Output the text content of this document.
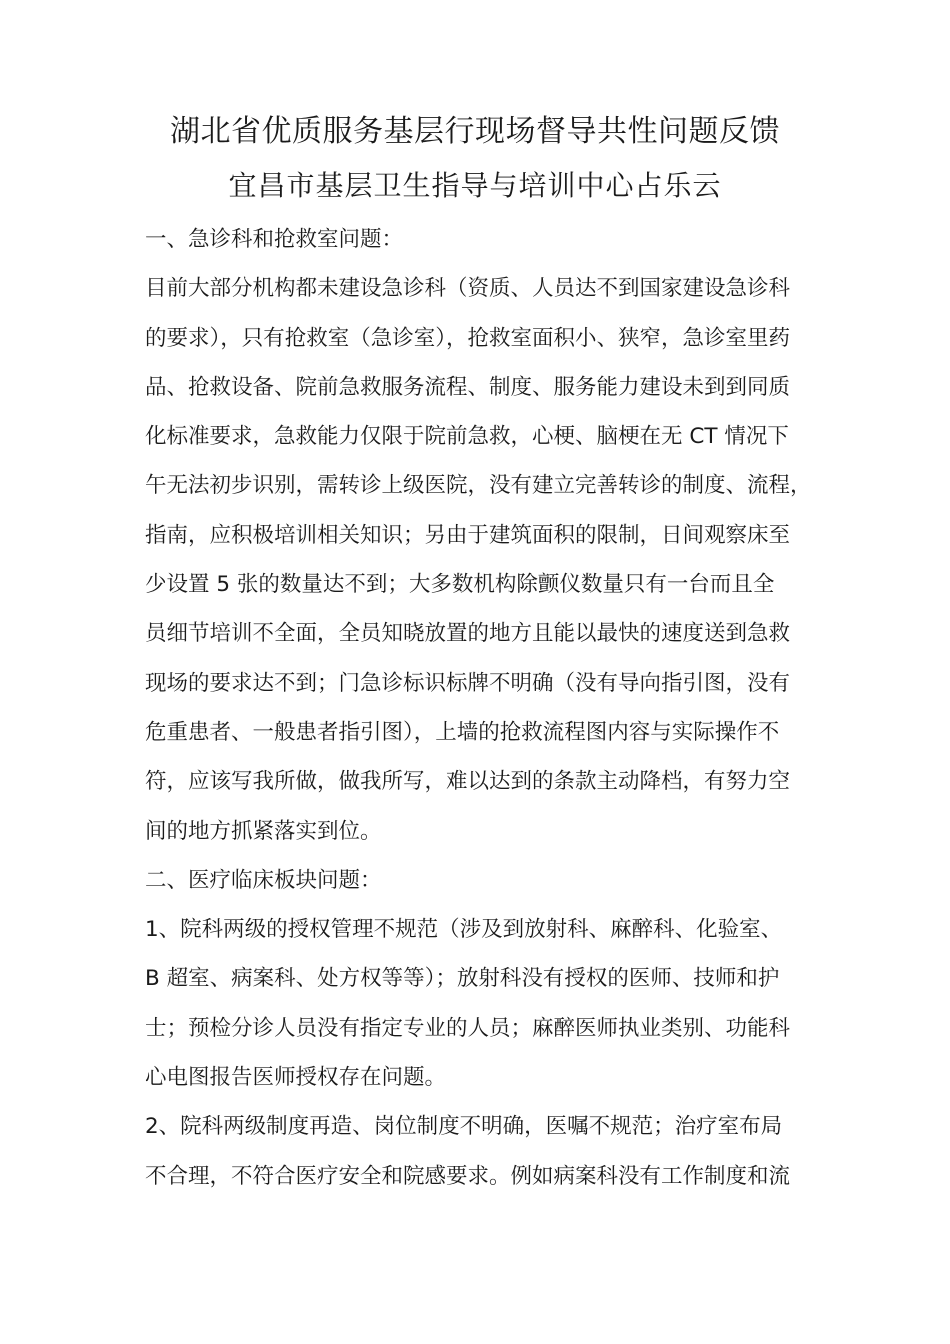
湖北省优质服务基层行现场督导共性问题反馈
宜昌市基层卫生指导与培训中心占乐云
一、急诊科和抢救室问题：
目前大部分机构都未建设急诊科（资质、人员达不到国家建设急诊科
的要求），只有抢救室（急诊室），抢救室面积小、狭窄，急诊室里药
品、抢救设备、院前急救服务流程、制度、服务能力建设未到到同质
化标准要求，急救能力仅限于院前急救，心梗、脑梗在无 CT 情况下
午无法初步识别，需转诊上级医院，没有建立完善转诊的制度、流程，
指南，应积极培训相关知识；另由于建筑面积的限制，日间观察床至
少设置 5 张的数量达不到；大多数机构除颤仪数量只有一台而且全
员细节培训不全面，全员知晓放置的地方且能以最快的速度送到急救
现场的要求达不到；门急诊标识标牌不明确（没有导向指引图，没有
危重患者、一般患者指引图），上墙的抢救流程图内容与实际操作不
符，应该写我所做，做我所写，难以达到的条款主动降档，有努力空
间的地方抓紧落实到位。
二、医疗临床板块问题：
1、院科两级的授权管理不规范（涉及到放射科、麻醉科、化验室、
B 超室、病案科、处方权等等）；放射科没有授权的医师、技师和护
士；预检分诊人员没有指定专业的人员；麻醉医师执业类别、功能科
心电图报告医师授权存在问题。
2、院科两级制度再造、岗位制度不明确，医嘱不规范；治疗室布局
不合理，不符合医疗安全和院感要求。例如病案科没有工作制度和流
